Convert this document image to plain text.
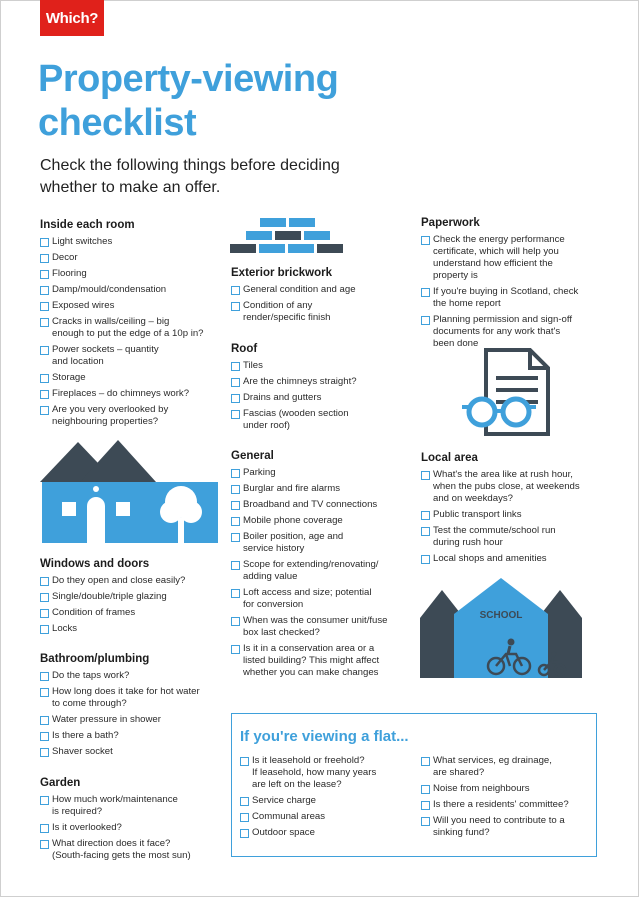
Which?
Property-viewing checklist

Check the following things before deciding whether to make an offer.

Inside each room
Light switches
Decor
Flooring
Damp/mould/condensation
Exposed wires
Cracks in walls/ceiling – big
enough to put the edge of a 10p in?
Power sockets – quantity
and location
Storage
Fireplaces – do chimneys work?
Are you very overlooked by
neighbouring properties?
Windows and doors
Do they open and close easily?
Single/double/triple glazing
Condition of frames
Locks
Bathroom/plumbing
Do the taps work?
How long does it take for hot water
to come through?
Water pressure in shower
Is there a bath?
Shaver socket
Garden
How much work/maintenance
is required?
Is it overlooked?
What direction does it face?
(South-facing gets the most sun)
Exterior brickwork
General condition and age
Condition of any
render/specific finish
Roof
Tiles
Are the chimneys straight?
Drains and gutters
Fascias (wooden section
under roof)
General
Parking
Burglar and fire alarms
Broadband and TV connections
Mobile phone coverage
Boiler position, age and
service history
Scope for extending/renovating/
adding value
Loft access and size; potential
for conversion
When was the consumer unit/fuse
box last checked?
Is it in a conservation area or a
listed building? This might affect
whether you can make changes
Paperwork
Check the energy performance
certificate, which will help you
understand how efficient the
property is
If you're buying in Scotland, check
the home report
Planning permission and sign-off
documents for any work that's
been done
Local area
What's the area like at rush hour,
when the pubs close, at weekends
and on weekdays?
Public transport links
Test the commute/school run
during rush hour
Local shops and amenities
If you're viewing a flat...
Is it leasehold or freehold?
If leasehold, how many years
are left on the lease?
Service charge
Communal areas
Outdoor space
What services, eg drainage,
are shared?
Noise from neighbours
Is there a residents' committee?
Will you need to contribute to a
sinking fund?
SCHOOL
